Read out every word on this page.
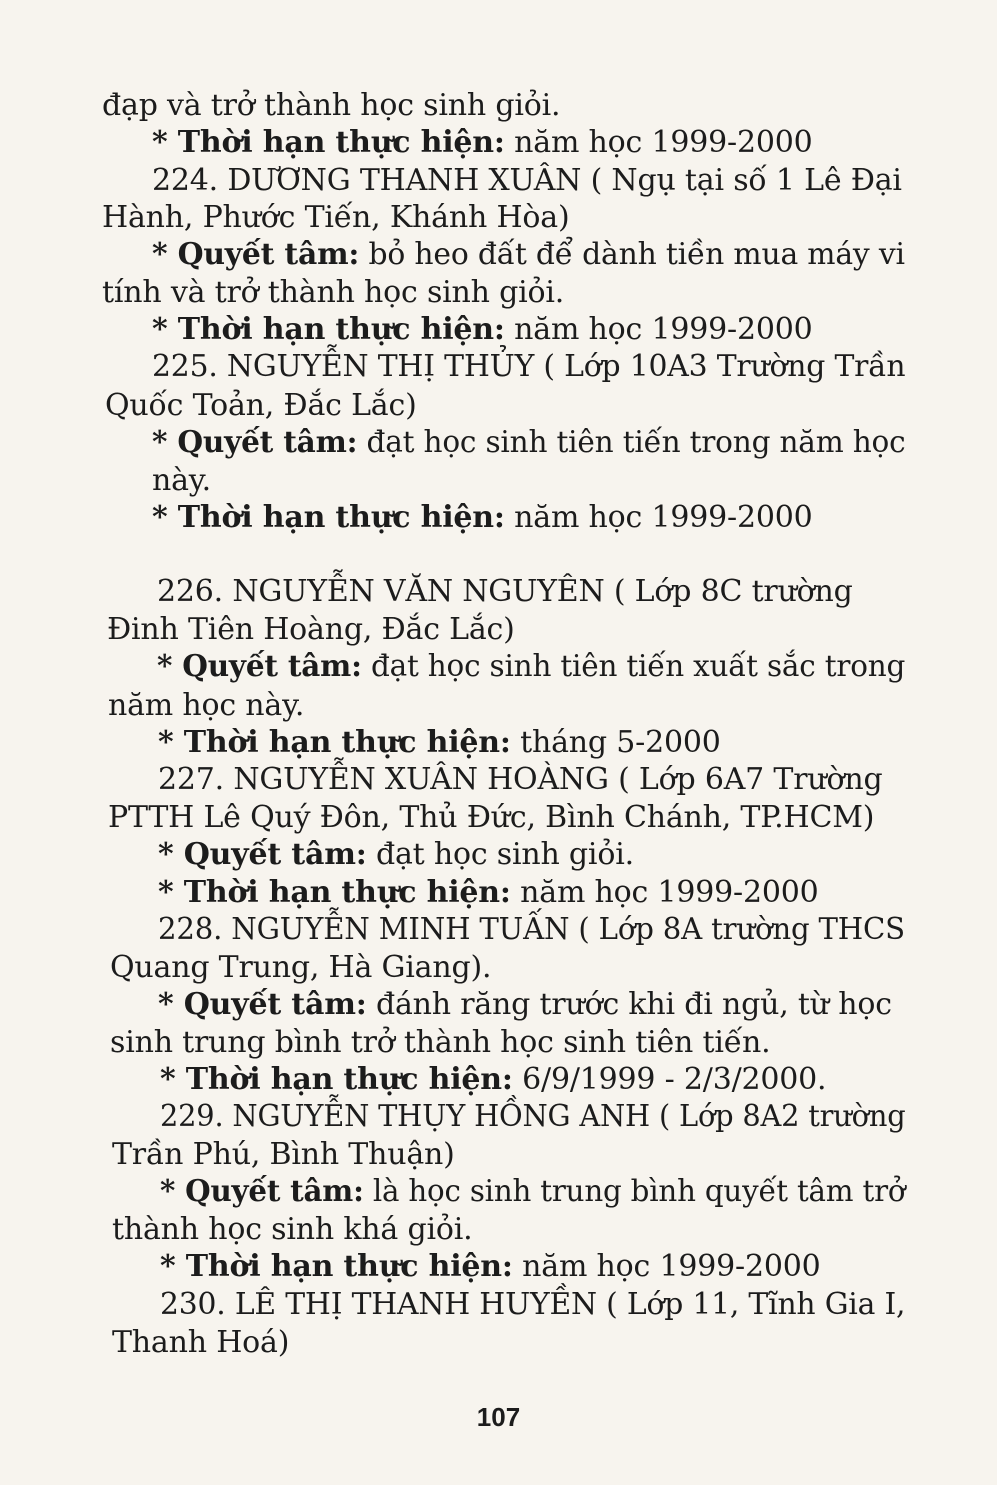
đạp và trở thành học sinh giỏi.
* Thời hạn thực hiện: năm học 1999-2000
224. DƯƠNG THANH XUÂN ( Ngụ tại số 1 Lê Đại
Hành, Phước Tiến, Khánh Hòa)
* Quyết tâm: bỏ heo đất để dành tiền mua máy vi
tính và trở thành học sinh giỏi.
* Thời hạn thực hiện: năm học 1999-2000
225. NGUYỄN THỊ THỦY ( Lớp 10A3 Trường Trần
Quốc Toản, Đắc Lắc)
* Quyết tâm: đạt học sinh tiên tiến trong năm học
này.
* Thời hạn thực hiện: năm học 1999-2000
226. NGUYỄN VĂN NGUYÊN ( Lớp 8C trường
Đinh Tiên Hoàng, Đắc Lắc)
* Quyết tâm: đạt học sinh tiên tiến xuất sắc trong
năm học này.
* Thời hạn thực hiện: tháng 5-2000
227. NGUYỄN XUÂN HOÀNG ( Lớp 6A7 Trường
PTTH Lê Quý Đôn, Thủ Đức, Bình Chánh, TP.HCM)
* Quyết tâm: đạt học sinh giỏi.
* Thời hạn thực hiện: năm học 1999-2000
228. NGUYỄN MINH TUẤN ( Lớp 8A trường THCS
Quang Trung, Hà Giang).
* Quyết tâm: đánh răng trước khi đi ngủ, từ học
sinh trung bình trở thành học sinh tiên tiến.
* Thời hạn thực hiện: 6/9/1999 - 2/3/2000.
229. NGUYỄN THỤY HỒNG ANH ( Lớp 8A2 trường
Trần Phú, Bình Thuận)
* Quyết tâm: là học sinh trung bình quyết tâm trở
thành học sinh khá giỏi.
* Thời hạn thực hiện: năm học 1999-2000
230. LÊ THỊ THANH HUYỀN ( Lớp 11, Tĩnh Gia I,
Thanh Hoá)
107
